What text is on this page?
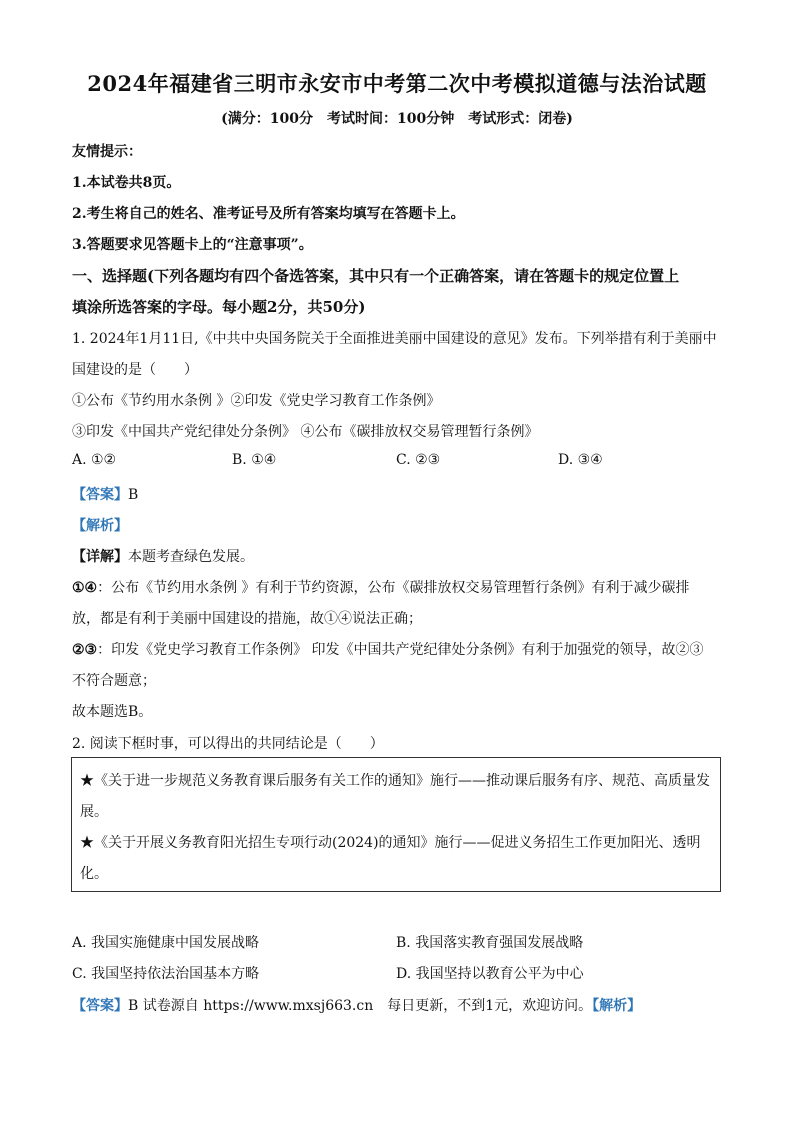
2024年福建省三明市永安市中考第二次中考模拟道德与法治试题
(满分：100分　考试时间：100分钟　考试形式：闭卷)
友情提示：
1.本试卷共8页。
2.考生将自己的姓名、准考证号及所有答案均填写在答题卡上。
3.答题要求见答题卡上的“注意事项”。
一、选择题(下列各题均有四个备选答案，其中只有一个正确答案，请在答题卡的规定位置上
填涂所选答案的字母。每小题2分，共50分)
1. 2024年1月11日,《中共中央国务院关于全面推进美丽中国建设的意见》发布。下列举措有利于美丽中
国建设的是（　　）
①公布《节约用水条例 》②印发《党史学习教育工作条例》
③印发《中国共产党纪律处分条例》 ④公布《碳排放权交易管理暂行条例》
A. ①②	B. ①④	C. ②③	D. ③④
【答案】B
【解析】
【详解】本题考查绿色发展。
①④：公布《节约用水条例 》有利于节约资源，公布《碳排放权交易管理暂行条例》有利于减少碳排
放，都是有利于美丽中国建设的措施，故①④说法正确；
②③：印发《党史学习教育工作条例》 印发《中国共产党纪律处分条例》有利于加强党的领导，故②③
不符合题意；
故本题选B。
2. 阅读下框时事，可以得出的共同结论是（　　）
★《关于进一步规范义务教育课后服务有关工作的通知》施行——推动课后服务有序、规范、高质量发
展。
★《关于开展义务教育阳光招生专项行动(2024)的通知》施行——促进义务招生工作更加阳光、透明
化。
A. 我国实施健康中国发展战略	B. 我国落实教育强国发展战略
C. 我国坚持依法治国基本方略	D. 我国坚持以教育公平为中心
【答案】B 试卷源自 https://www.mxsj663.cn　每日更新，不到1元，欢迎访问。【解析】
